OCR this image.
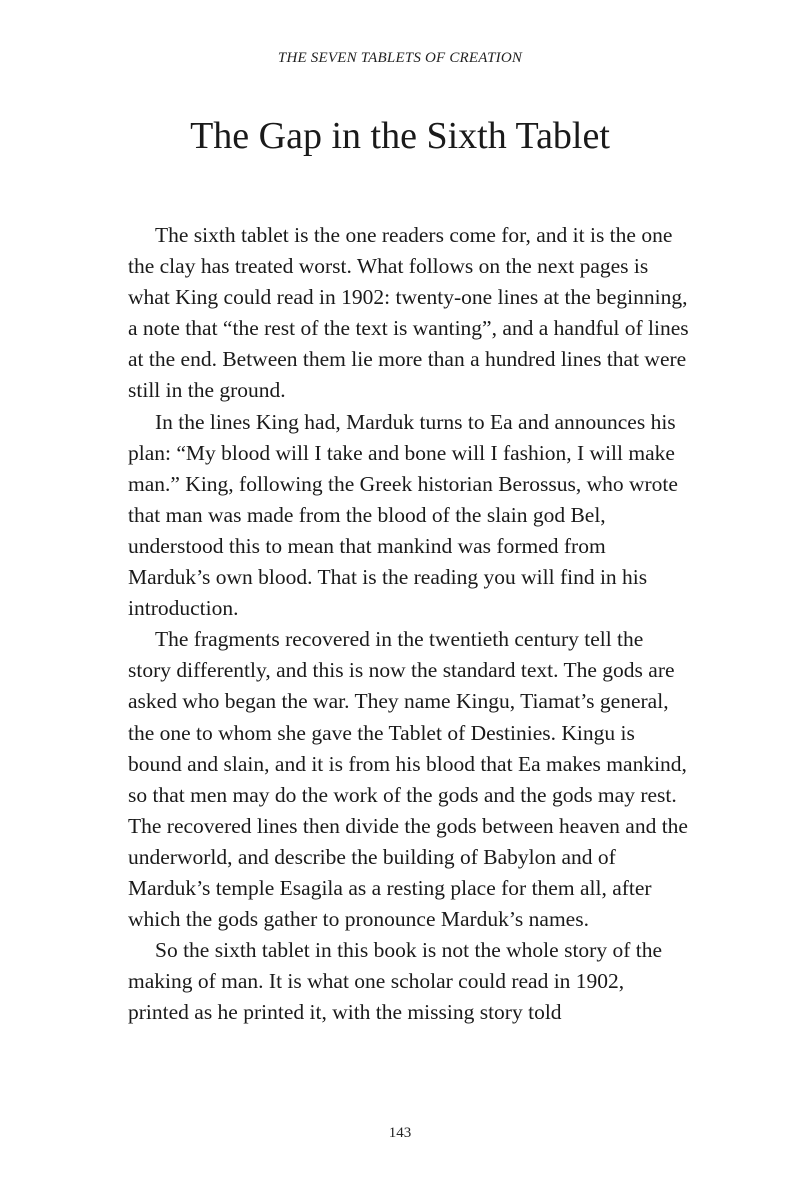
THE SEVEN TABLETS OF CREATION
The Gap in the Sixth Tablet

The sixth tablet is the one readers come for, and it is the one the clay has treated worst. What follows on the next pages is what King could read in 1902: twenty-one lines at the beginning, a note that “the rest of the text is wanting”, and a handful of lines at the end. Between them lie more than a hundred lines that were still in the ground.

In the lines King had, Marduk turns to Ea and announces his plan: “My blood will I take and bone will I fashion, I will make man.” King, following the Greek historian Berossus, who wrote that man was made from the blood of the slain god Bel, understood this to mean that mankind was formed from Marduk’s own blood. That is the reading you will find in his introduction.

The fragments recovered in the twentieth century tell the story differently, and this is now the standard text. The gods are asked who began the war. They name Kingu, Tiamat’s general, the one to whom she gave the Tablet of Destinies. Kingu is bound and slain, and it is from his blood that Ea makes mankind, so that men may do the work of the gods and the gods may rest. The recovered lines then divide the gods between heaven and the underworld, and describe the building of Babylon and of Marduk’s temple Esagila as a resting place for them all, after which the gods gather to pronounce Marduk’s names.

So the sixth tablet in this book is not the whole story of the making of man. It is what one scholar could read in 1902, printed as he printed it, with the missing story told

143
